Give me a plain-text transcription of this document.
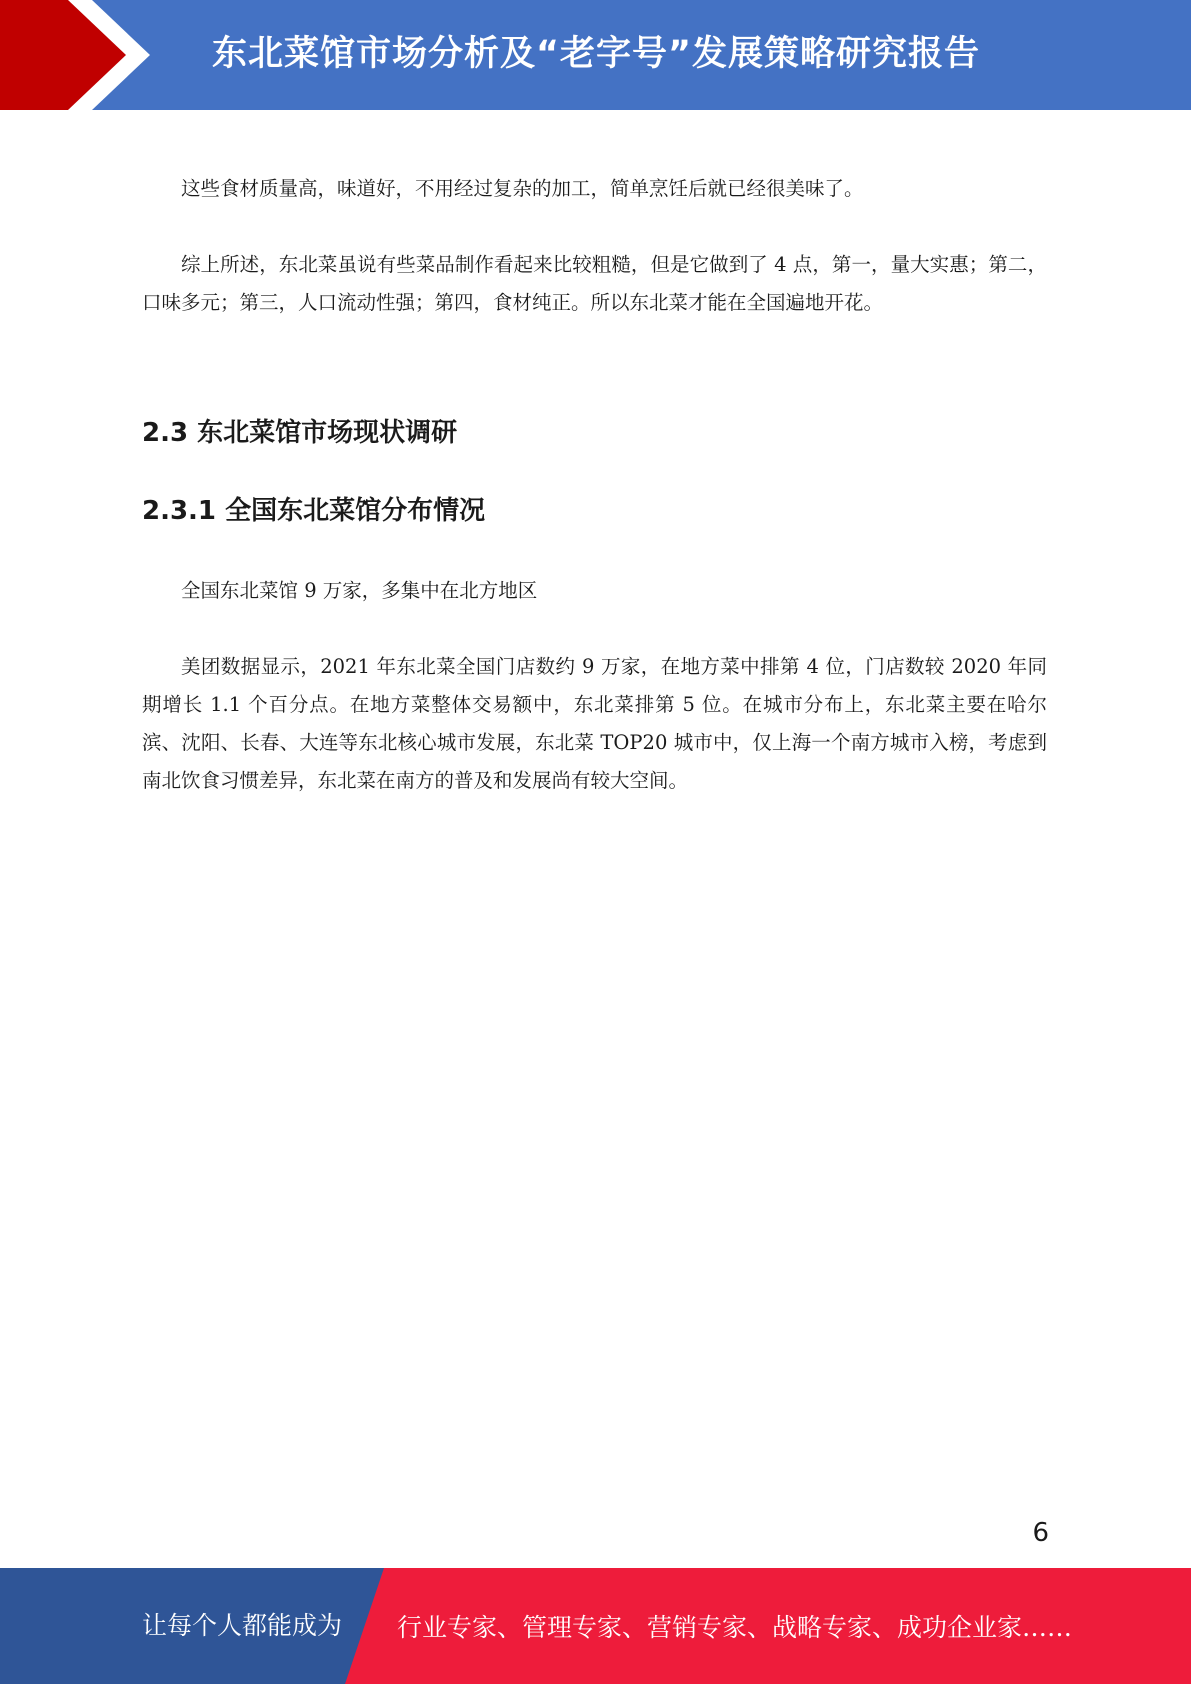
东北菜馆市场分析及“老字号”发展策略研究报告

这些食材质量高，味道好，不用经过复杂的加工，简单烹饪后就已经很美味了。

综上所述，东北菜虽说有些菜品制作看起来比较粗糙，但是它做到了 4 点，第一，量大实惠；第二，口味多元；第三，人口流动性强；第四，食材纯正。所以东北菜才能在全国遍地开花。

2.3 东北菜馆市场现状调研
2.3.1 全国东北菜馆分布情况

全国东北菜馆 9 万家，多集中在北方地区

美团数据显示，2021 年东北菜全国门店数约 9 万家，在地方菜中排第 4 位，门店数较 2020 年同期增长 1.1 个百分点。在地方菜整体交易额中，东北菜排第 5 位。在城市分布上，东北菜主要在哈尔滨、沈阳、长春、大连等东北核心城市发展，东北菜 TOP20 城市中，仅上海一个南方城市入榜，考虑到南北饮食习惯差异，东北菜在南方的普及和发展尚有较大空间。

6
让每个人都能成为 行业专家、管理专家、营销专家、战略专家、成功企业家……
